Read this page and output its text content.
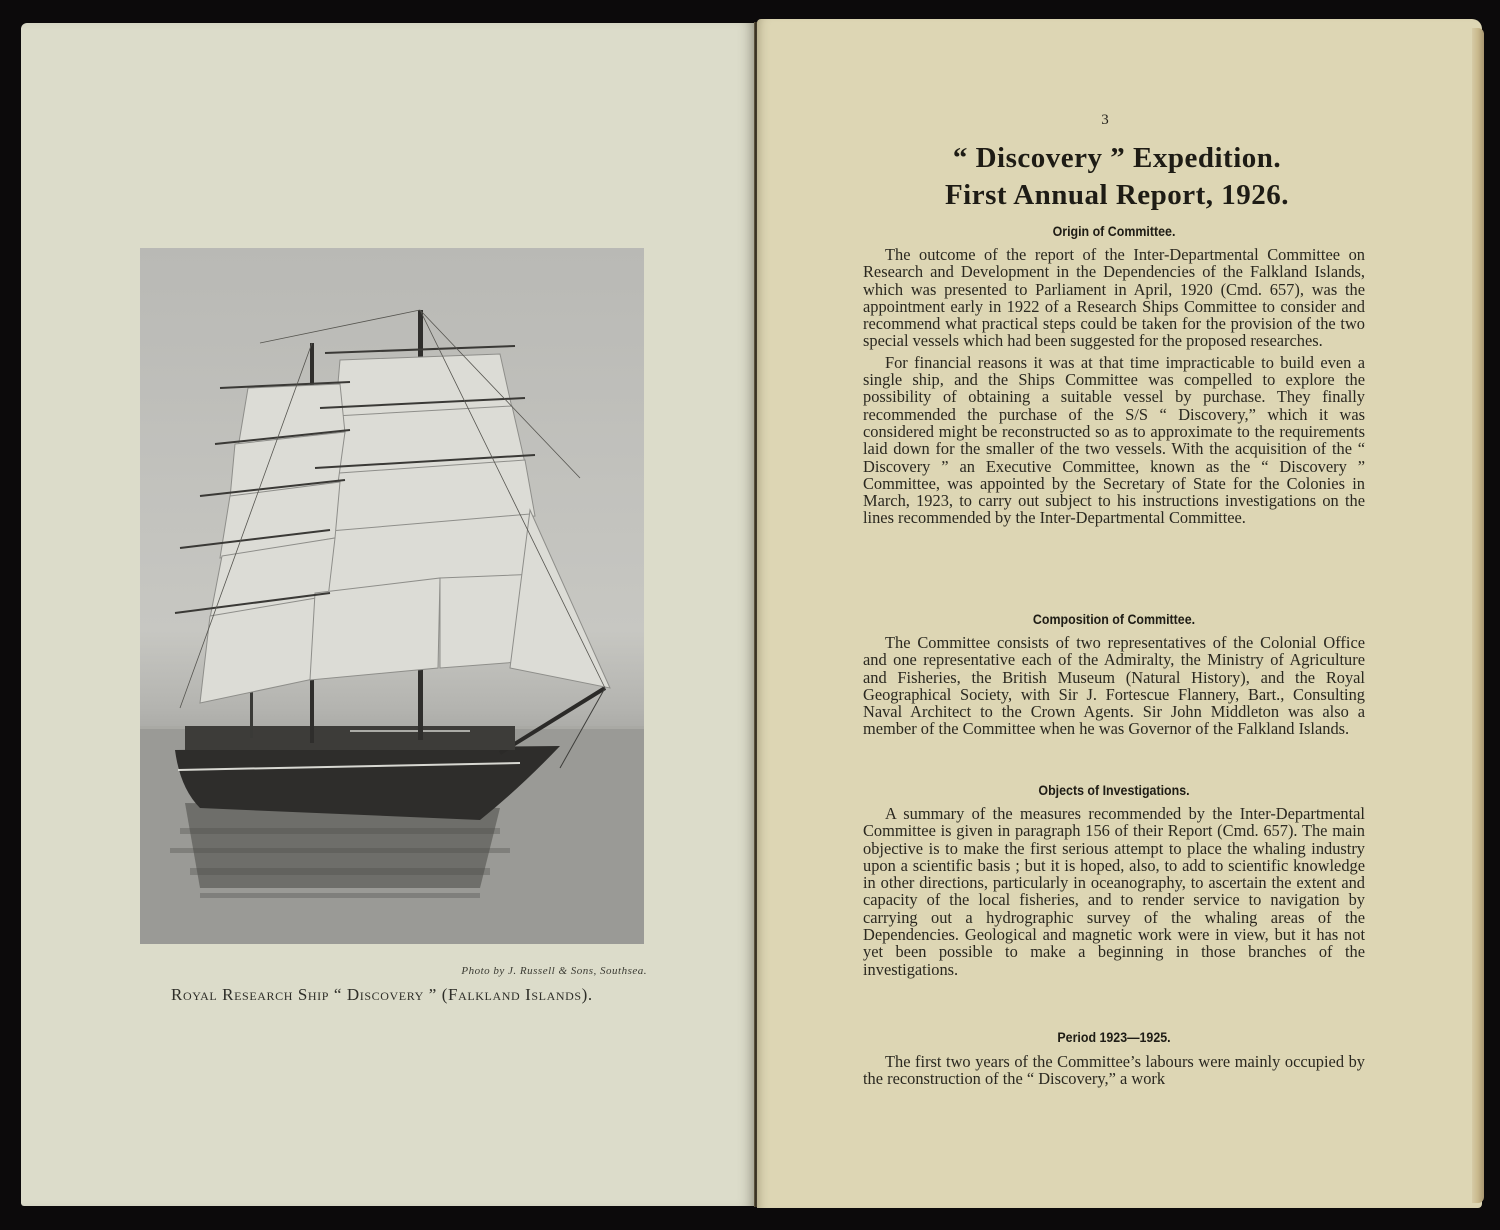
Photo by J. Russell & Sons, Southsea.
Royal Research Ship “ Discovery ” (Falkland Islands).
3
“ Discovery ” Expedition.
First Annual Report, 1926.
Origin of Committee.

The outcome of the report of the Inter-Departmental Committee on Research and Development in the Dependencies of the Falkland Islands, which was presented to Parliament in April, 1920 (Cmd. 657), was the appointment early in 1922 of a Research Ships Committee to consider and recommend what practical steps could be taken for the provision of the two special vessels which had been suggested for the proposed researches.

For financial reasons it was at that time impracticable to build even a single ship, and the Ships Committee was compelled to explore the possibility of obtaining a suitable vessel by purchase. They finally recommended the purchase of the S/S “ Discovery,” which it was considered might be reconstructed so as to approximate to the requirements laid down for the smaller of the two vessels. With the acquisition of the “ Discovery ” an Executive Committee, known as the “ Discovery ” Committee, was appointed by the Secretary of State for the Colonies in March, 1923, to carry out subject to his instructions investigations on the lines recommended by the Inter-Departmental Committee.

Composition of Committee.

The Committee consists of two representatives of the Colonial Office and one representative each of the Admiralty, the Ministry of Agriculture and Fisheries, the British Museum (Natural History), and the Royal Geographical Society, with Sir J. Fortescue Flannery, Bart., Consulting Naval Architect to the Crown Agents. Sir John Middleton was also a member of the Committee when he was Governor of the Falkland Islands.

Objects of Investigations.

A summary of the measures recommended by the Inter-Departmental Committee is given in paragraph 156 of their Report (Cmd. 657). The main objective is to make the first serious attempt to place the whaling industry upon a scientific basis ; but it is hoped, also, to add to scientific knowledge in other directions, particularly in oceanography, to ascertain the extent and capacity of the local fisheries, and to render service to navigation by carrying out a hydrographic survey of the whaling areas of the Dependencies. Geological and magnetic work were in view, but it has not yet been possible to make a beginning in those branches of the investigations.

Period 1923—1925.

The first two years of the Committee’s labours were mainly occupied by the reconstruction of the “ Discovery,” a work
